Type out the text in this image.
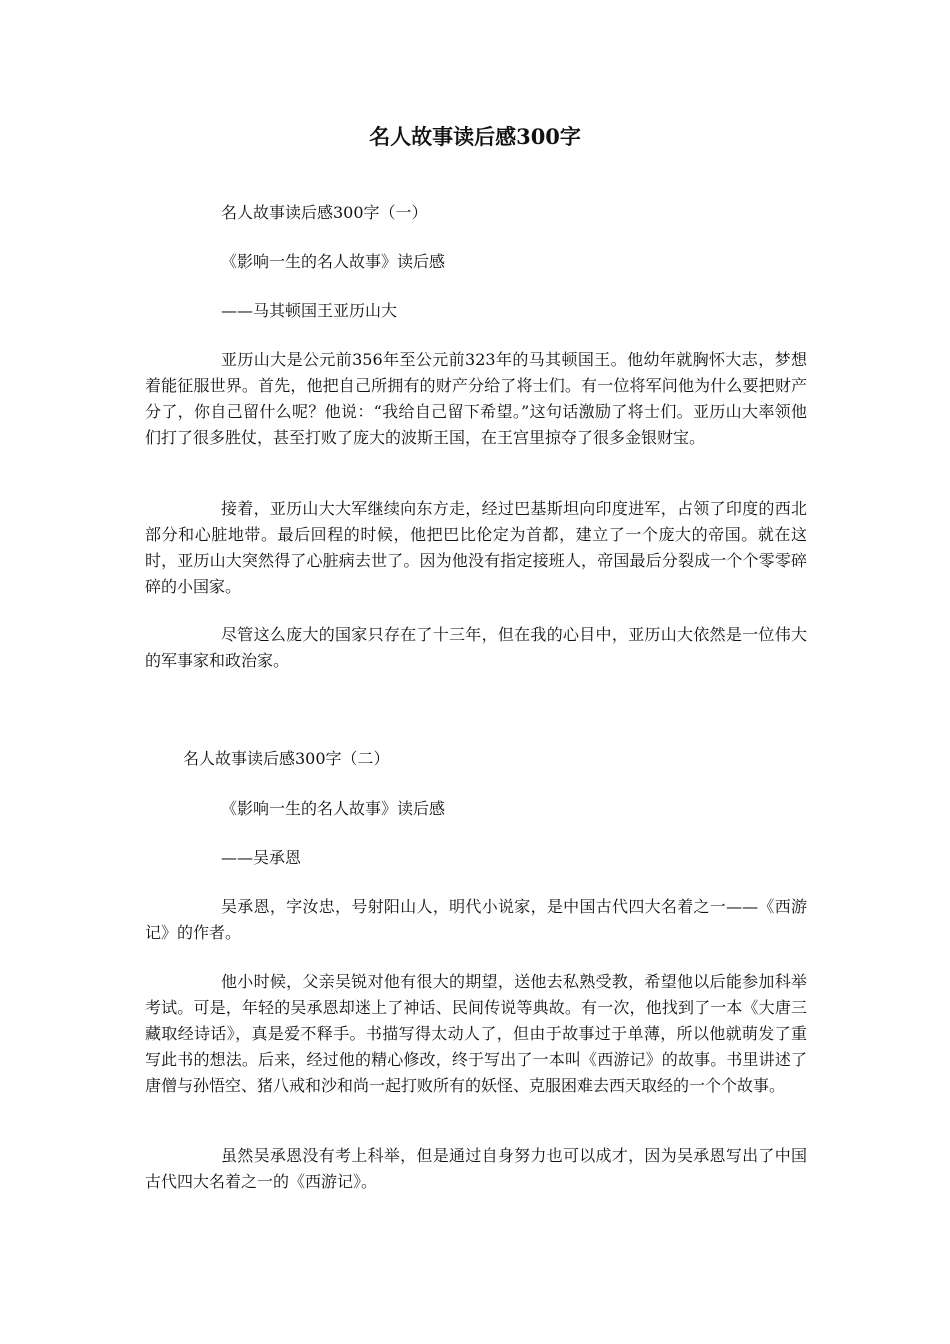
名人故事读后感300字
名人故事读后感300字（一）
《影响一生的名人故事》读后感
——马其顿国王亚历山大

亚历山大是公元前356年至公元前323年的马其顿国王。他幼年就胸怀大志，梦想着能征服世界。首先，他把自己所拥有的财产分给了将士们。有一位将军问他为什么要把财产分了，你自己留什么呢？他说：“我给自己留下希望。”这句话激励了将士们。亚历山大率领他们打了很多胜仗，甚至打败了庞大的波斯王国，在王宫里掠夺了很多金银财宝。

接着，亚历山大大军继续向东方走，经过巴基斯坦向印度进军，占领了印度的西北部分和心脏地带。最后回程的时候，他把巴比伦定为首都，建立了一个庞大的帝国。就在这时，亚历山大突然得了心脏病去世了。因为他没有指定接班人，帝国最后分裂成一个个零零碎碎的小国家。

尽管这么庞大的国家只存在了十三年，但在我的心目中，亚历山大依然是一位伟大的军事家和政治家。

名人故事读后感300字（二）
《影响一生的名人故事》读后感
——吴承恩

吴承恩，字汝忠，号射阳山人，明代小说家，是中国古代四大名着之一——《西游记》的作者。

他小时候，父亲吴锐对他有很大的期望，送他去私熟受教，希望他以后能参加科举考试。可是，年轻的吴承恩却迷上了神话、民间传说等典故。有一次，他找到了一本《大唐三藏取经诗话》，真是爱不释手。书描写得太动人了，但由于故事过于单薄，所以他就萌发了重写此书的想法。后来，经过他的精心修改，终于写出了一本叫《西游记》的故事。书里讲述了唐僧与孙悟空、猪八戒和沙和尚一起打败所有的妖怪、克服困难去西天取经的一个个故事。

虽然吴承恩没有考上科举，但是通过自身努力也可以成才，因为吴承恩写出了中国古代四大名着之一的《西游记》。
